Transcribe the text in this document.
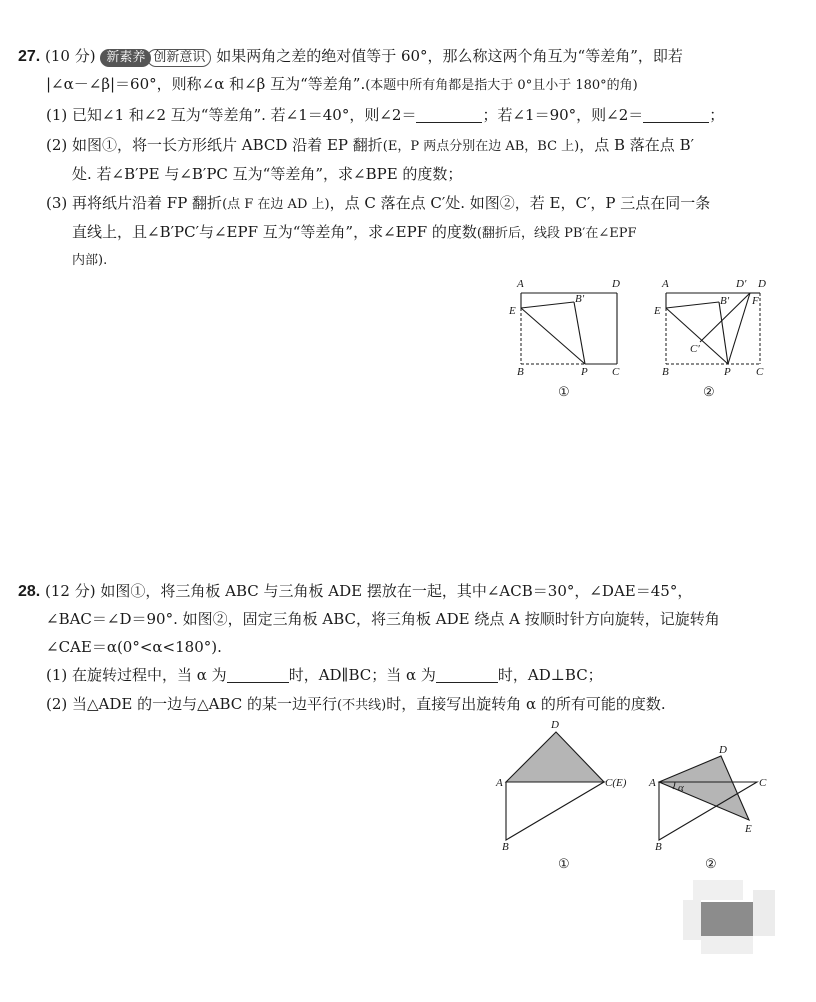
27. (10 分) 新素养 创新意识 如果两角之差的绝对值等于 60°，那么称这两个角互为“等差角”，即若
|∠α－∠β|＝60°，则称∠α 和∠β 互为“等差角”.(本题中所有角都是指大于 0°且小于 180°的角)
(1) 已知∠1 和∠2 互为“等差角”. 若∠1＝40°，则∠2＝	；若∠1＝90°，则∠2＝	；
(2) 如图①，将一长方形纸片 ABCD 沿着 EP 翻折(E，P 两点分别在边 AB，BC 上)，点 B 落在点 B′
处. 若∠B′PE 与∠B′PC 互为“等差角”，求∠BPE 的度数；
(3) 再将纸片沿着 FP 翻折(点 F 在边 AD 上)，点 C 落在点 C′处. 如图②，若 E，C′，P 三点在同一条
直线上，且∠B′PC′与∠EPF 互为“等差角”，求∠EPF 的度数(翻折后，线段 PB′在∠EPF
内部).
A	D
E
B′
B	P C
①
A	D′ D
F
E
B′
C′
B	P C
②
28. (12 分) 如图①，将三角板 ABC 与三角板 ADE 摆放在一起，其中∠ACB＝30°，∠DAE＝45°，
∠BAC＝∠D＝90°. 如图②，固定三角板 ABC，将三角板 ADE 绕点 A 按顺时针方向旋转，记旋转角
∠CAE＝α(0°<α<180°).
(1) 在旋转过程中，当 α 为	时，AD∥BC；当 α 为	时，AD⊥BC；
(2) 当△ADE 的一边与△ABC 的某一边平行(不共线)时，直接写出旋转角 α 的所有可能的度数.
D
A	C(E)
B
①
D
A α	C
E
B
②
